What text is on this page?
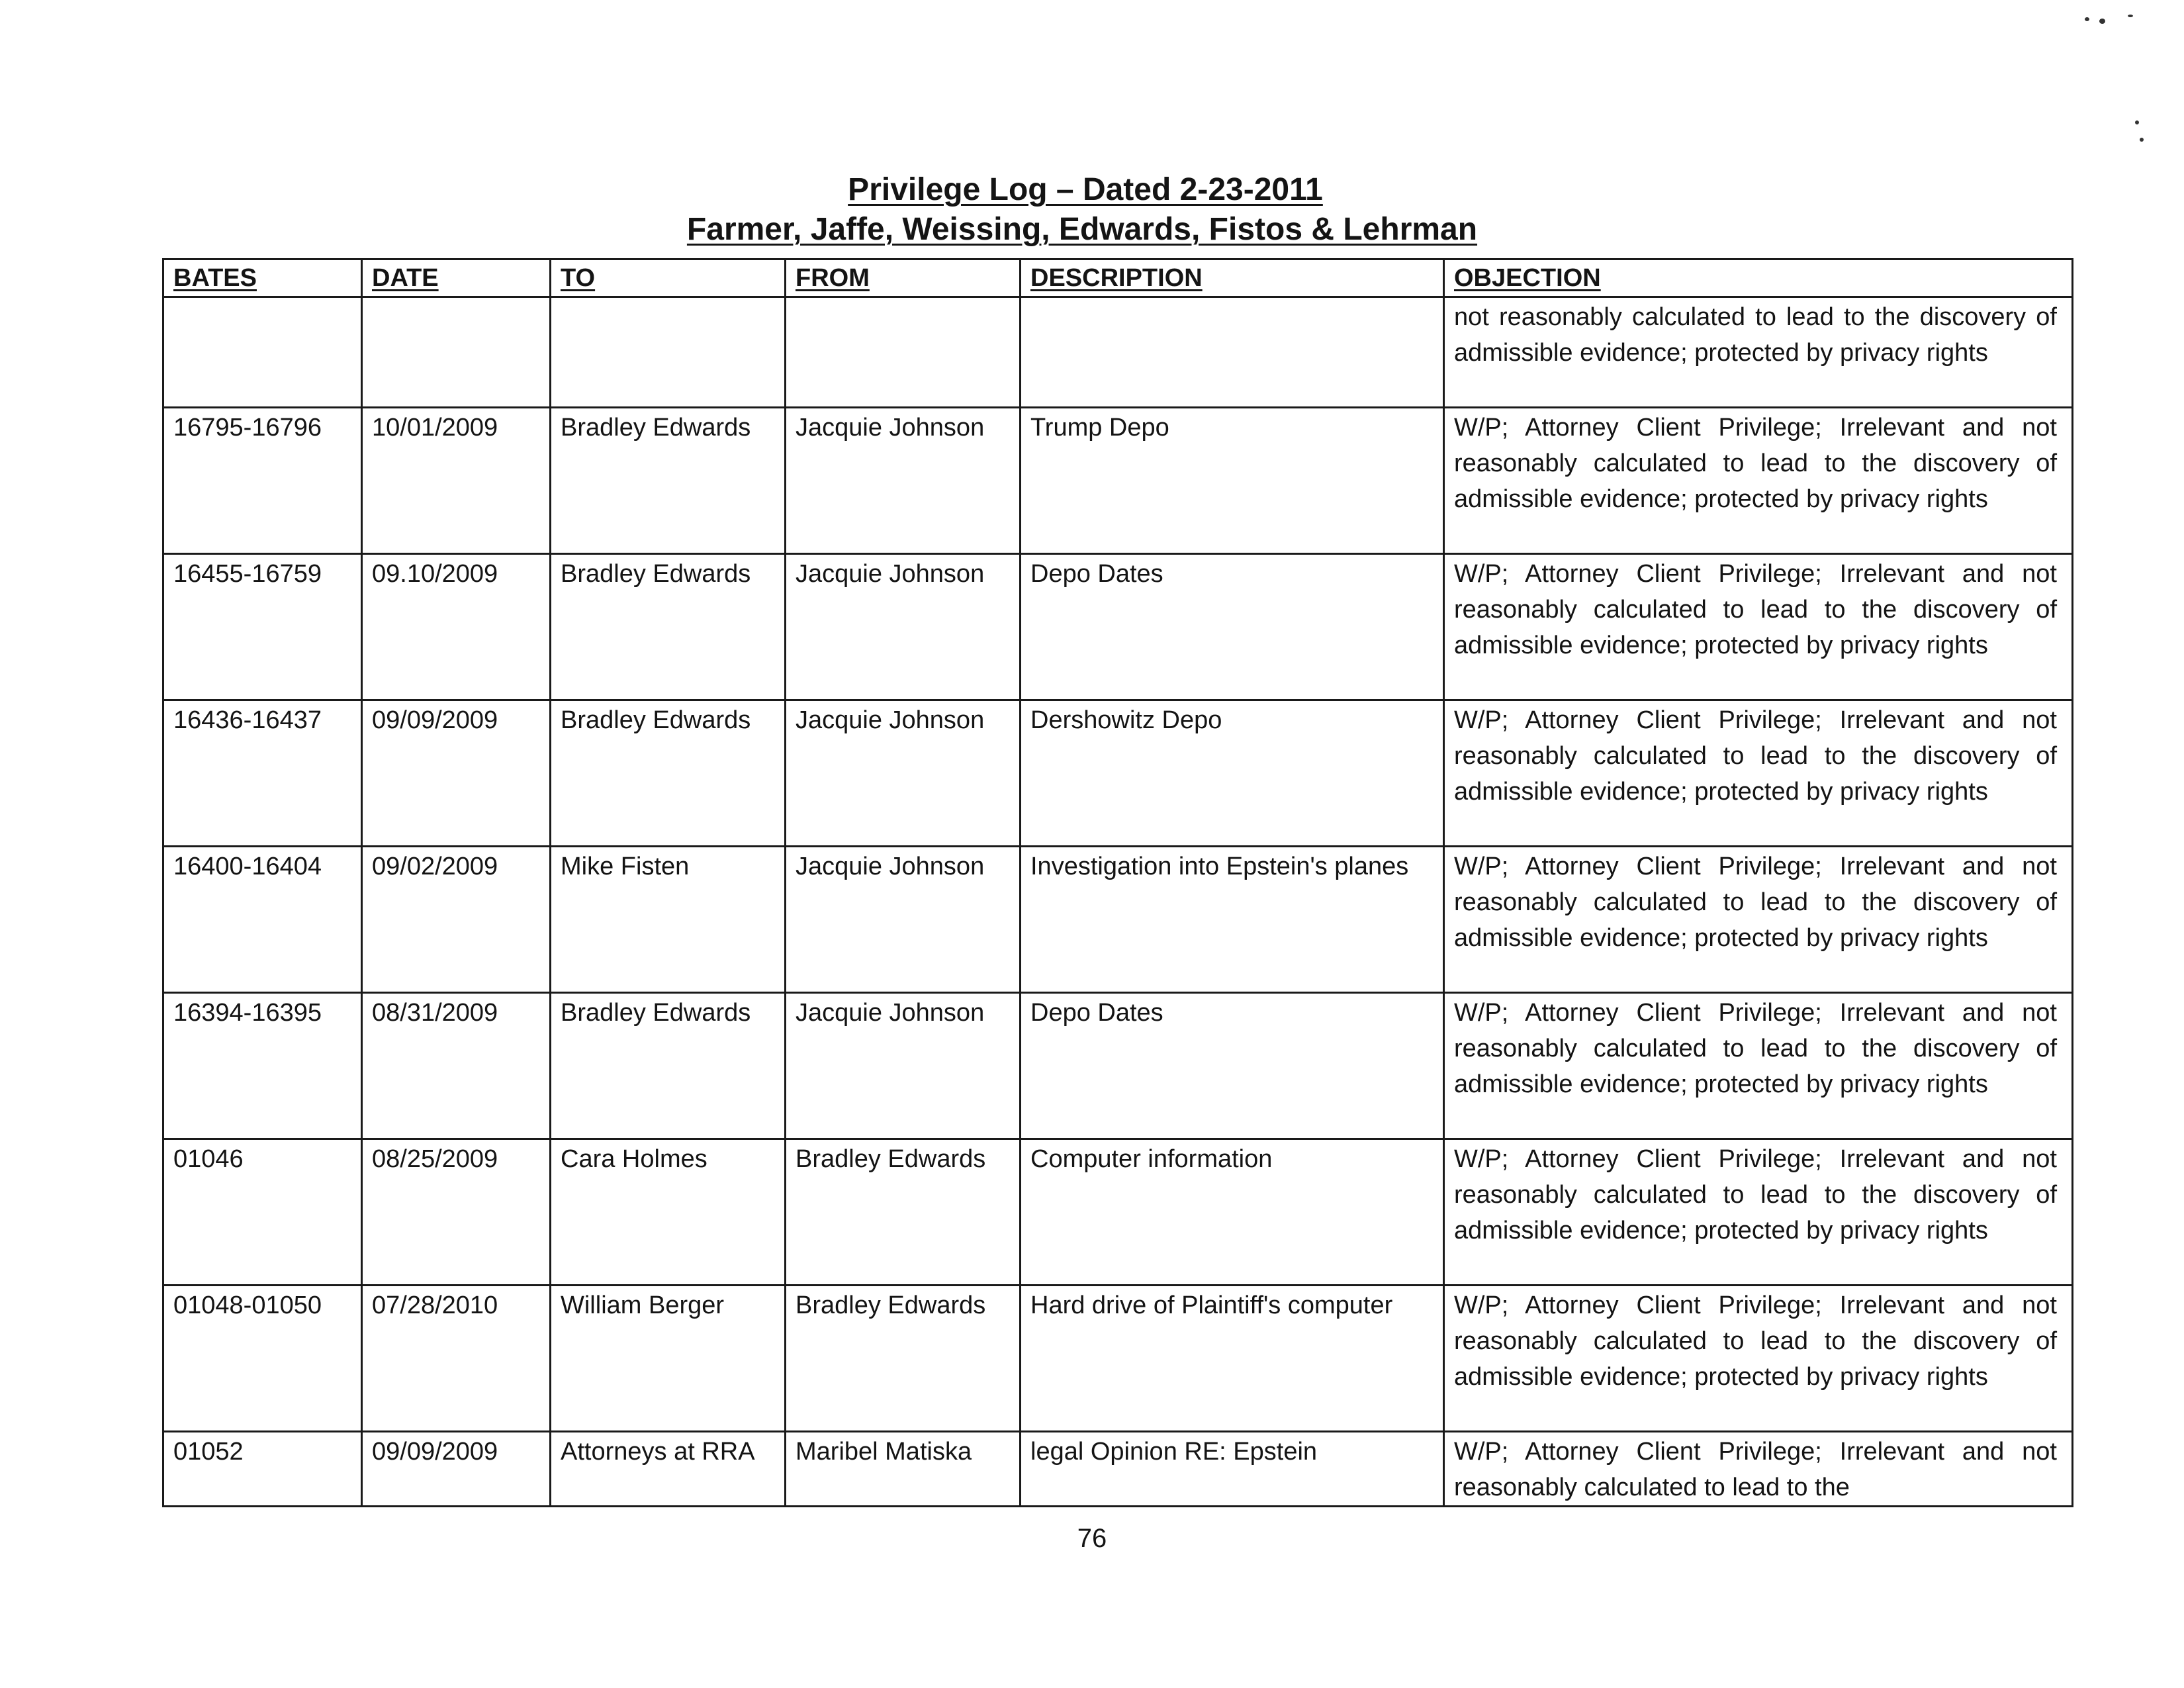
Privilege Log – Dated 2-23-2011
Farmer, Jaffe, Weissing, Edwards, Fistos & Lehrman
BATES	DATE	TO	FROM	DESCRIPTION	OBJECTION
					not reasonably calculated to lead to the discovery of admissible evidence; protected by privacy rights
16795-16796	10/01/2009	Bradley Edwards	Jacquie Johnson	Trump Depo	W/P; Attorney Client Privilege; Irrelevant and not reasonably calculated to lead to the discovery of admissible evidence; protected by privacy rights
16455-16759	09.10/2009	Bradley Edwards	Jacquie Johnson	Depo Dates	W/P; Attorney Client Privilege; Irrelevant and not reasonably calculated to lead to the discovery of admissible evidence; protected by privacy rights
16436-16437	09/09/2009	Bradley Edwards	Jacquie Johnson	Dershowitz Depo	W/P; Attorney Client Privilege; Irrelevant and not reasonably calculated to lead to the discovery of admissible evidence; protected by privacy rights
16400-16404	09/02/2009	Mike Fisten	Jacquie Johnson	Investigation into Epstein's planes	W/P; Attorney Client Privilege; Irrelevant and not reasonably calculated to lead to the discovery of admissible evidence; protected by privacy rights
16394-16395	08/31/2009	Bradley Edwards	Jacquie Johnson	Depo Dates	W/P; Attorney Client Privilege; Irrelevant and not reasonably calculated to lead to the discovery of admissible evidence; protected by privacy rights
01046	08/25/2009	Cara Holmes	Bradley Edwards	Computer information	W/P; Attorney Client Privilege; Irrelevant and not reasonably calculated to lead to the discovery of admissible evidence; protected by privacy rights
01048-01050	07/28/2010	William Berger	Bradley Edwards	Hard drive of Plaintiff's computer	W/P; Attorney Client Privilege; Irrelevant and not reasonably calculated to lead to the discovery of admissible evidence; protected by privacy rights
01052	09/09/2009	Attorneys at RRA	Maribel Matiska	legal Opinion RE: Epstein	W/P; Attorney Client Privilege; Irrelevant and not reasonably calculated to lead to the
76
